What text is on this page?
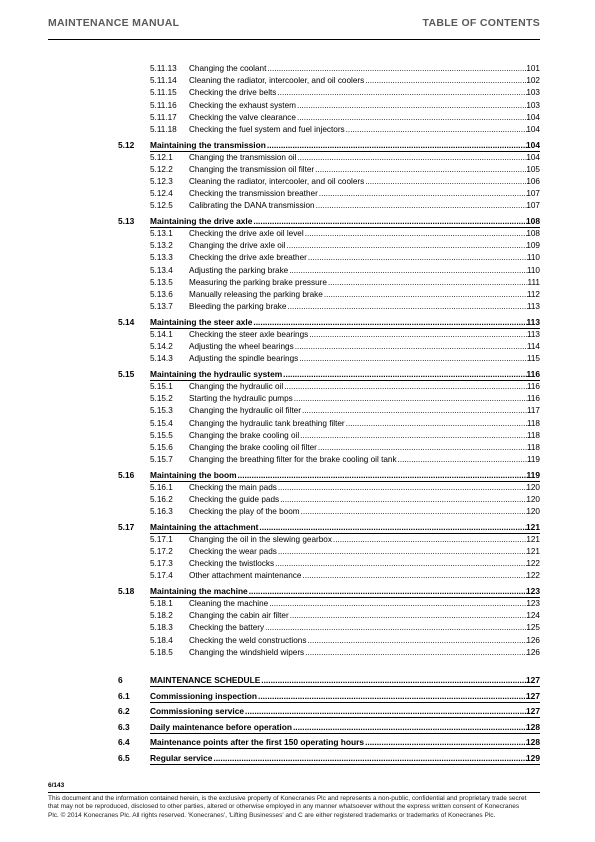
MAINTENANCE MANUAL	TABLE OF CONTENTS
5.11.13 Changing the coolant .....	101
5.11.14 Cleaning the radiator, intercooler, and oil coolers .....	102
5.11.15 Checking the drive belts .....	103
5.11.16 Checking the exhaust system .....	103
5.11.17 Checking the valve clearance .....	104
5.11.18 Checking the fuel system and fuel injectors .....	104
5.12 Maintaining the transmission .....	104
5.12.1 Changing the transmission oil .....	104
5.12.2 Changing the transmission oil filter .....	105
5.12.3 Cleaning the radiator, intercooler, and oil coolers .....	106
5.12.4 Checking the transmission breather .....	107
5.12.5 Calibrating the DANA transmission .....	107
5.13 Maintaining the drive axle .....	108
5.13.1 Checking the drive axle oil level .....	108
5.13.2 Changing the drive axle oil .....	109
5.13.3 Checking the drive axle breather .....	110
5.13.4 Adjusting the parking brake .....	110
5.13.5 Measuring the parking brake pressure .....	111
5.13.6 Manually releasing the parking brake .....	112
5.13.7 Bleeding the parking brake .....	113
5.14 Maintaining the steer axle .....	113
5.14.1 Checking the steer axle bearings .....	113
5.14.2 Adjusting the wheel bearings .....	114
5.14.3 Adjusting the spindle bearings .....	115
5.15 Maintaining the hydraulic system .....	116
5.15.1 Changing the hydraulic oil .....	116
5.15.2 Starting the hydraulic pumps .....	116
5.15.3 Changing the hydraulic oil filter .....	117
5.15.4 Changing the hydraulic tank breathing filter .....	118
5.15.5 Changing the brake cooling oil .....	118
5.15.6 Changing the brake cooling oil filter .....	118
5.15.7 Changing the breathing filter for the brake cooling oil tank .....	119
5.16 Maintaining the boom .....	119
5.16.1 Checking the main pads .....	120
5.16.2 Checking the guide pads .....	120
5.16.3 Checking the play of the boom .....	120
5.17 Maintaining the attachment .....	121
5.17.1 Changing the oil in the slewing gearbox .....	121
5.17.2 Checking the wear pads .....	121
5.17.3 Checking the twistlocks .....	122
5.17.4 Other attachment maintenance .....	122
5.18 Maintaining the machine .....	123
5.18.1 Cleaning the machine .....	123
5.18.2 Changing the cabin air filter .....	124
5.18.3 Checking the battery .....	125
5.18.4 Checking the weld constructions .....	126
5.18.5 Changing the windshield wipers .....	126
6	MAINTENANCE SCHEDULE .....	127
6.1 Commissioning inspection .....	127
6.2 Commissioning service .....	127
6.3 Daily maintenance before operation .....	128
6.4 Maintenance points after the first 150 operating hours .....	128
6.5 Regular service .....	129
6/143
This document and the information contained herein, is the exclusive property of Konecranes Plc and represents a non-public, confidential and proprietary trade secret that may not be reproduced, disclosed to other parties, altered or otherwise employed in any manner whatsoever without the express written consent of Konecranes Plc. © 2014 Konecranes Plc. All rights reserved. 'Konecranes', 'Lifting Businesses' and C are either registered trademarks or trademarks of Konecranes Plc.
